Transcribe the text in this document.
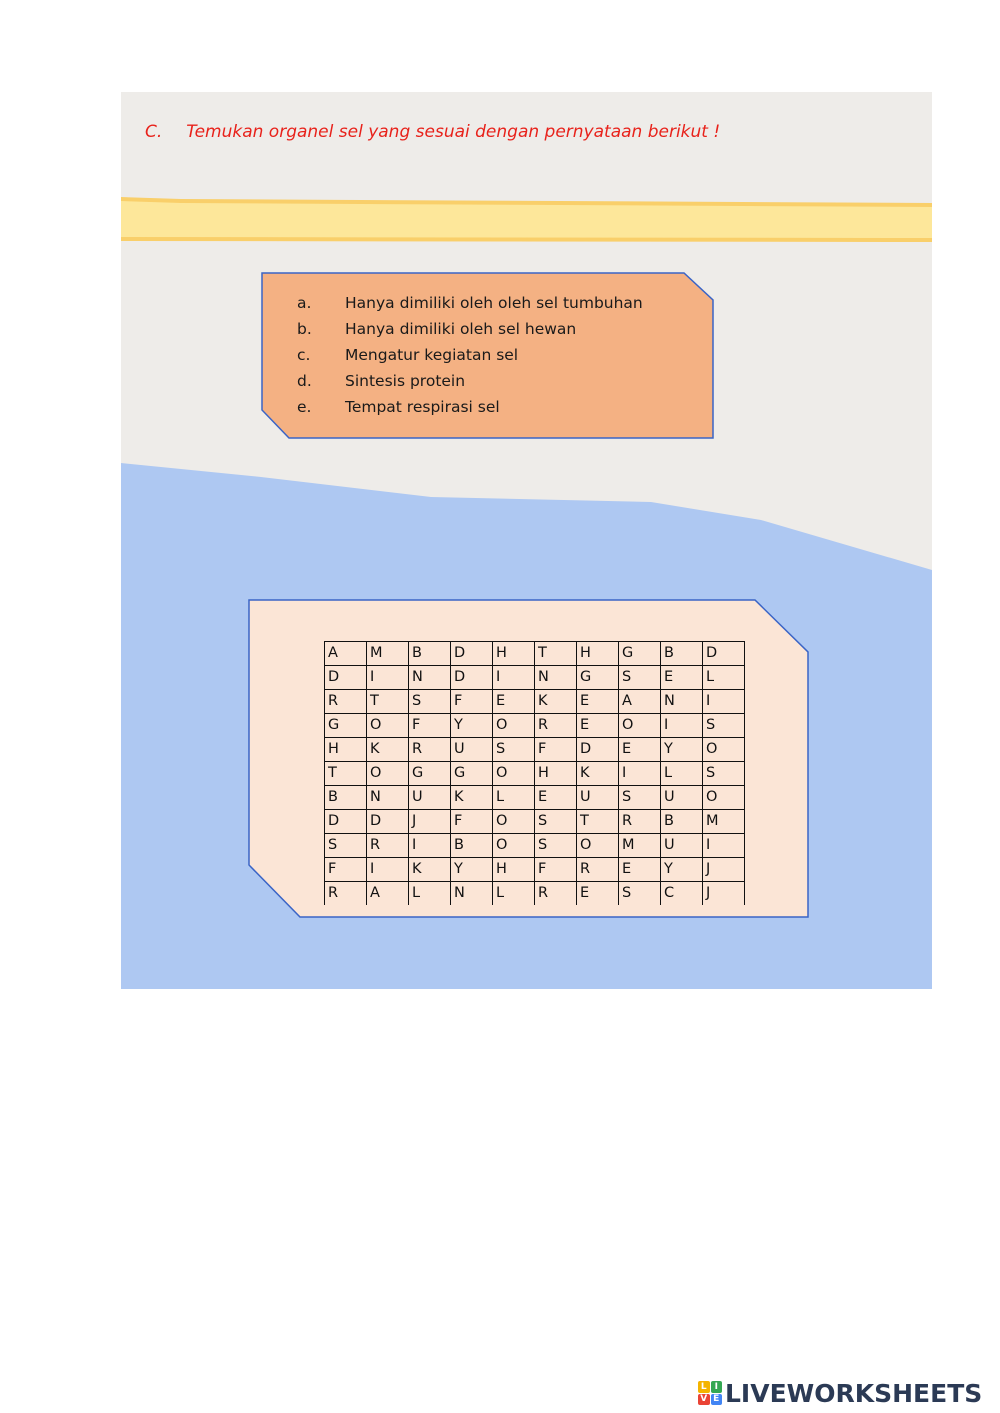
C. Temukan organel sel yang sesuai dengan pernyataan berikut !
a.	Hanya dimiliki oleh oleh sel tumbuhan
b.	Hanya dimiliki oleh sel hewan
c.	Mengatur kegiatan sel
d.	Sintesis protein
e.	Tempat respirasi sel
A	M	B	D	H	T	H	G	B	D
D	I	N	D	I	N	G	S	E	L
R	T	S	F	E	K	E	A	N	I
G	O	F	Y	O	R	E	O	I	S
H	K	R	U	S	F	D	E	Y	O
T	O	G	G	O	H	K	I	L	S
B	N	U	K	L	E	U	S	U	O
D	D	J	F	O	S	T	R	B	M
S	R	I	B	O	S	O	M	U	I
F	I	K	Y	H	F	R	E	Y	J
R	A	L	N	L	R	E	S	C	J
L I
V E LIVEWORKSHEETS
